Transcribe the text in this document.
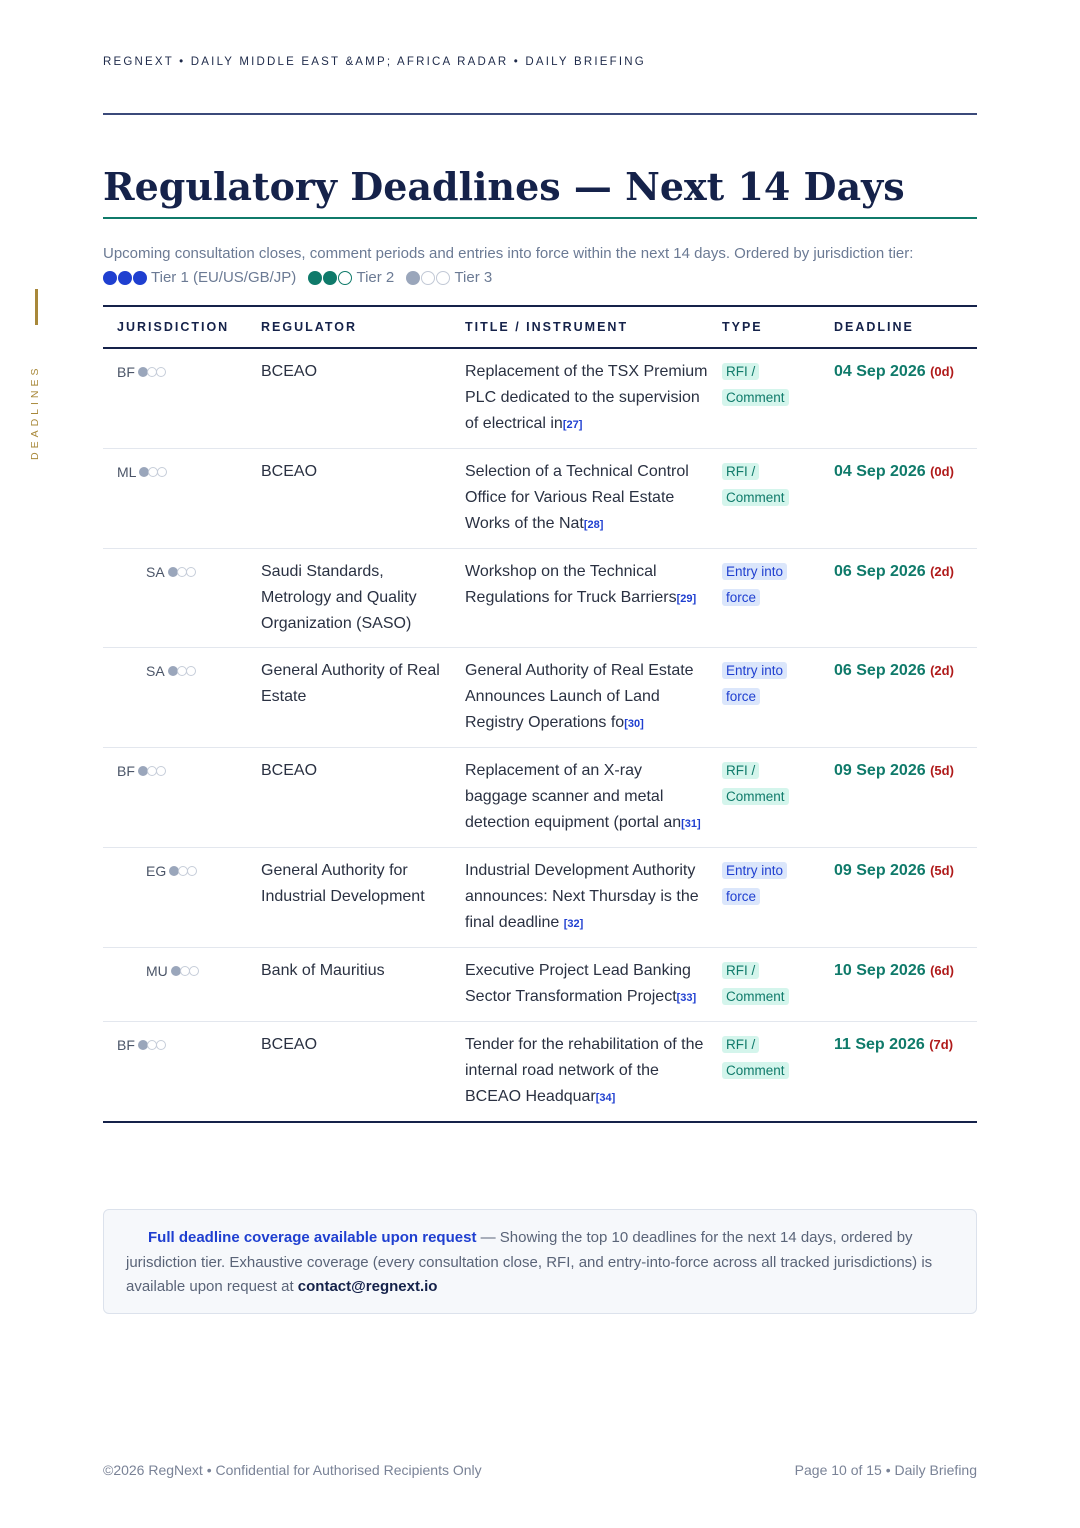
REGNEXT • DAILY MIDDLE EAST &AMP; AFRICA RADAR • DAILY BRIEFING
DEADLINES
Regulatory Deadlines — Next 14 Days
Upcoming consultation closes, comment periods and entries into force within the next 14 days. Ordered by jurisdiction tier:

Tier 1 (EU/US/GB/JP)
	Tier 2
	Tier 3
JURISDICTION	REGULATOR	TITLE / INSTRUMENT	TYPE	DEADLINE

BF	BCEAO	Replacement of the TSX Premium PLC dedicated to the supervision of electrical in[27]	RFI / Comment	04 Sep 2026 (0d)

ML	BCEAO	Selection of a Technical Control Office for Various Real Estate Works of the Nat[28]	RFI / Comment	04 Sep 2026 (0d)

SA	Saudi Standards, Metrology and Quality Organization (SASO)	Workshop on the Technical Regulations for Truck Barriers[29]	Entry into force	06 Sep 2026 (2d)

SA	General Authority of Real Estate	General Authority of Real Estate Announces Launch of Land Registry Operations fo[30]	Entry into force	06 Sep 2026 (2d)

BF	BCEAO	Replacement of an X-ray baggage scanner and metal detection equipment (portal an[31]	RFI / Comment	09 Sep 2026 (5d)

EG	General Authority for Industrial Development	Industrial Development Authority announces: Next Thursday is the final deadline [32]	Entry into force	09 Sep 2026 (5d)

MU	Bank of Mauritius	Executive Project Lead Banking Sector Transformation Project[33]	RFI / Comment	10 Sep 2026 (6d)

BF	BCEAO	Tender for the rehabilitation of the internal road network of the BCEAO Headquar[34]	RFI / Comment	11 Sep 2026 (7d)
Full deadline coverage available upon request — Showing the top 10 deadlines for the next 14 days, ordered by jurisdiction tier. Exhaustive coverage (every consultation close, RFI, and entry-into-force across all tracked jurisdictions) is available upon request at contact@regnext.io
©2026 RegNext • Confidential for Authorised Recipients Only	Page 10 of 15 • Daily Briefing
